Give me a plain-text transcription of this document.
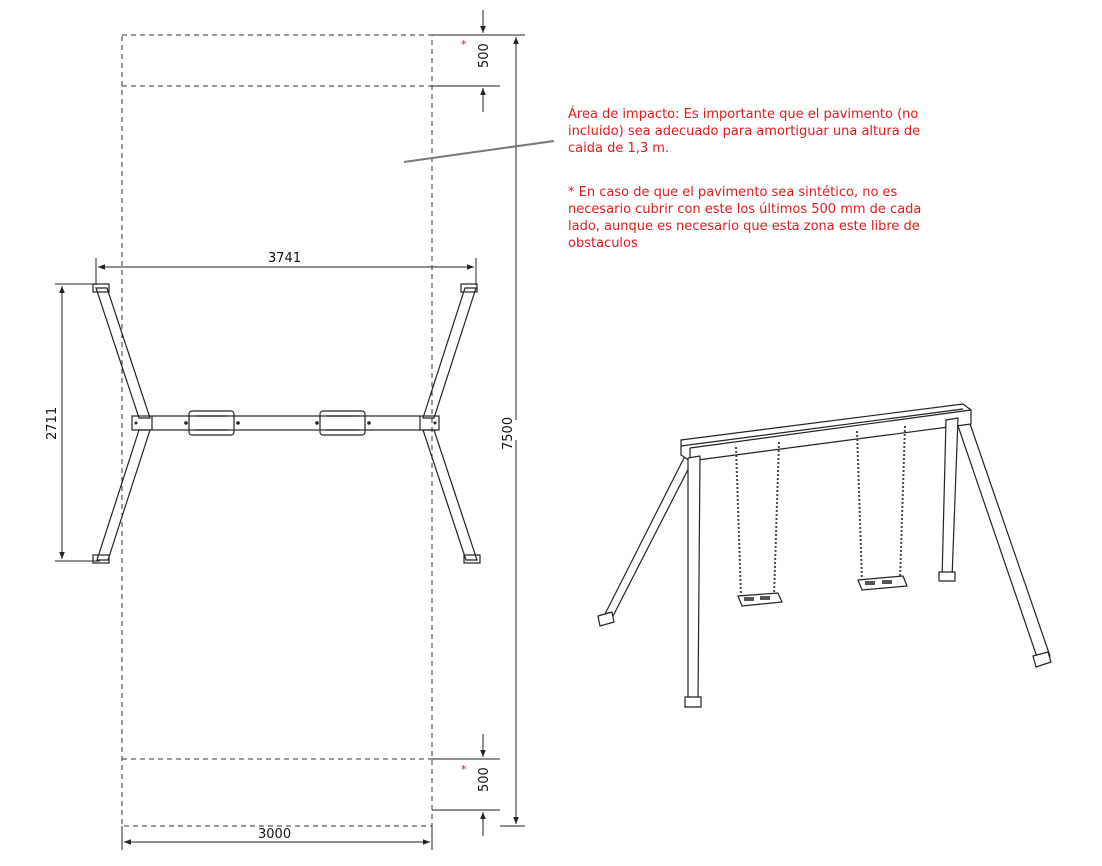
500
*
500
*
7500
3741
2711
3000
Área de impacto: Es importante que el pavimento (no incluido) sea adecuado para amortiguar una altura de caida de 1,3 m.
* En caso de que el pavimento sea sintético, no es necesario cubrir con este los últimos 500 mm de cada lado, aunque es necesario que esta zona este libre de obstaculos
